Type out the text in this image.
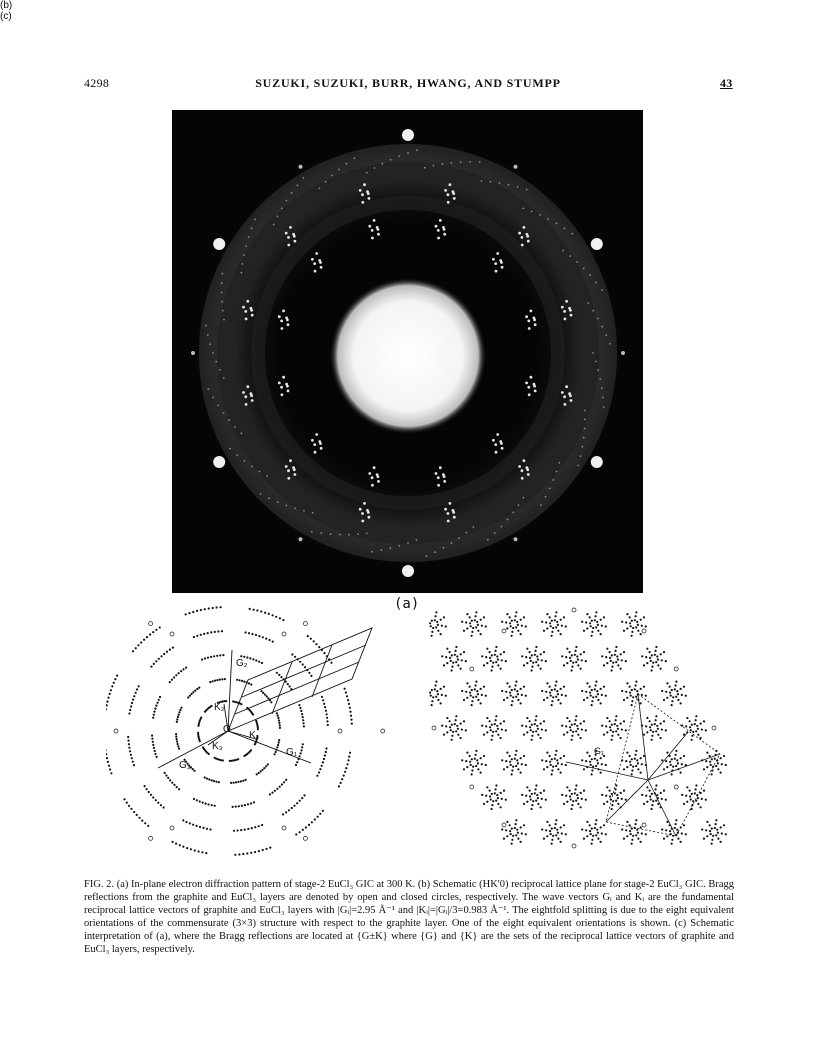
4298	SUZUKI, SUZUKI, BURR, HWANG, AND STUMPP	43
(a)
G₂
K₂
O
K₁
K₃
G₁
G₃
(b)
G₁
(c)
FIG. 2. (a) In-plane electron diffraction pattern of stage-2 EuCl₃ GIC at 300 K. (b) Schematic (HK'0) reciprocal lattice plane for stage-2 EuCl₃ GIC. Bragg reflections from the graphite and EuCl₃ layers are denoted by open and closed circles, respectively. The wave vectors Gᵢ and Kᵢ are the fundamental reciprocal lattice vectors of graphite and EuCl₃ layers with |Gᵢ|=2.95 Å⁻¹ and |Kᵢ|=|Gᵢ|/3=0.983 Å⁻¹. The eightfold splitting is due to the eight equivalent orientations of the commensurate (3×3) structure with respect to the graphite layer. One of the eight equivalent orientations is shown. (c) Schematic interpretation of (a), where the Bragg reflections are located at {G±K} where {G} and {K} are the sets of the reciprocal lattice vectors of graphite and EuCl₃ layers, respectively.
